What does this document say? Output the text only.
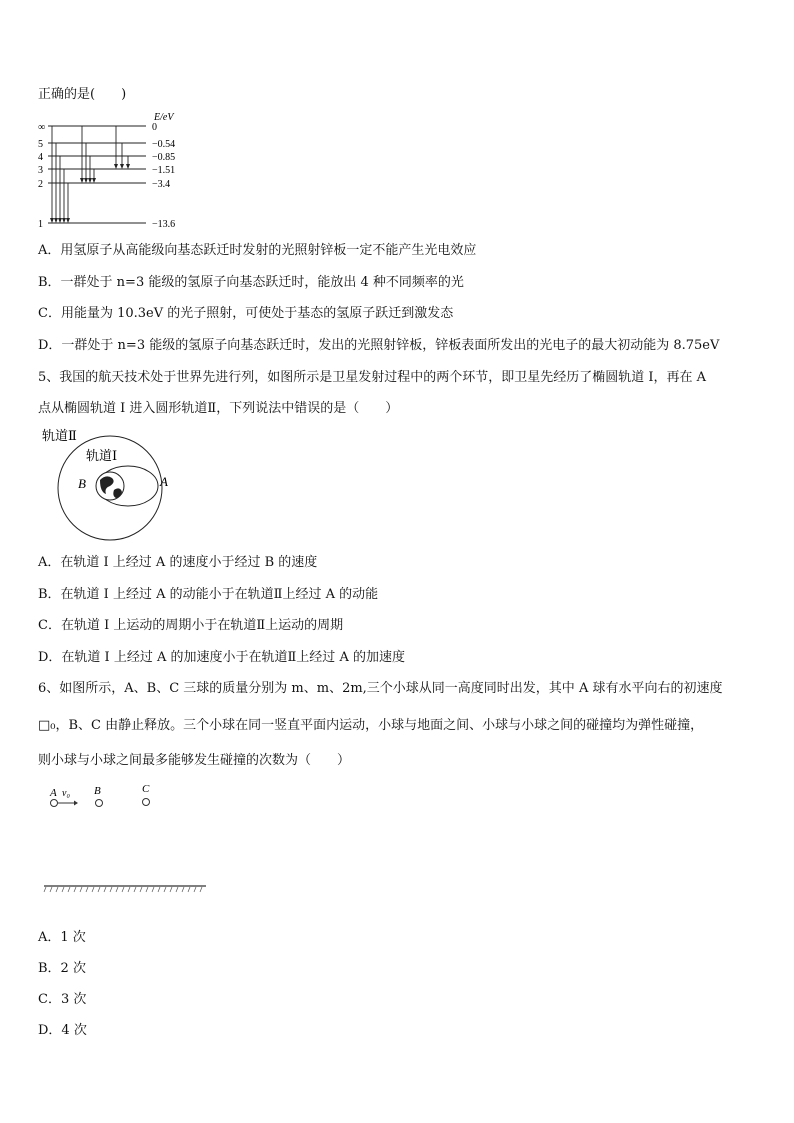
正确的是(　　)
E/eV
∞
5
4
3
2
1
0
−0.54
−0.85
−1.51
−3.4
−13.6
A．用氢原子从高能级向基态跃迁时发射的光照射锌板一定不能产生光电效应
B．一群处于 n=3 能级的氢原子向基态跃迁时，能放出 4 种不同频率的光
C．用能量为 10.3eV 的光子照射，可使处于基态的氢原子跃迁到激发态
D．一群处于 n=3 能级的氢原子向基态跃迁时，发出的光照射锌板，锌板表面所发出的光电子的最大初动能为 8.75eV
5、我国的航天技术处于世界先进行列，如图所示是卫星发射过程中的两个环节，即卫星先经历了椭圆轨道 I，再在 A
点从椭圆轨道 I 进入圆形轨道Ⅱ，下列说法中错误的是（　　）
轨道Ⅱ
轨道Ⅰ
B	A
A．在轨道 I 上经过 A 的速度小于经过 B 的速度
B．在轨道 I 上经过 A 的动能小于在轨道Ⅱ上经过 A 的动能
C．在轨道 I 上运动的周期小于在轨道Ⅱ上运动的周期
D．在轨道 I 上经过 A 的加速度小于在轨道Ⅱ上经过 A 的加速度
6、如图所示，A、B、C 三球的质量分别为 m、m、2m,三个小球从同一高度同时出发，其中 A 球有水平向右的初速度
□₀，B、C 由静止释放。三个小球在同一竖直平面内运动，小球与地面之间、小球与小球之间的碰撞均为弹性碰撞，
则小球与小球之间最多能够发生碰撞的次数为（　　）
A v₀ B	C
A．1 次
B．2 次
C．3 次
D．4 次
